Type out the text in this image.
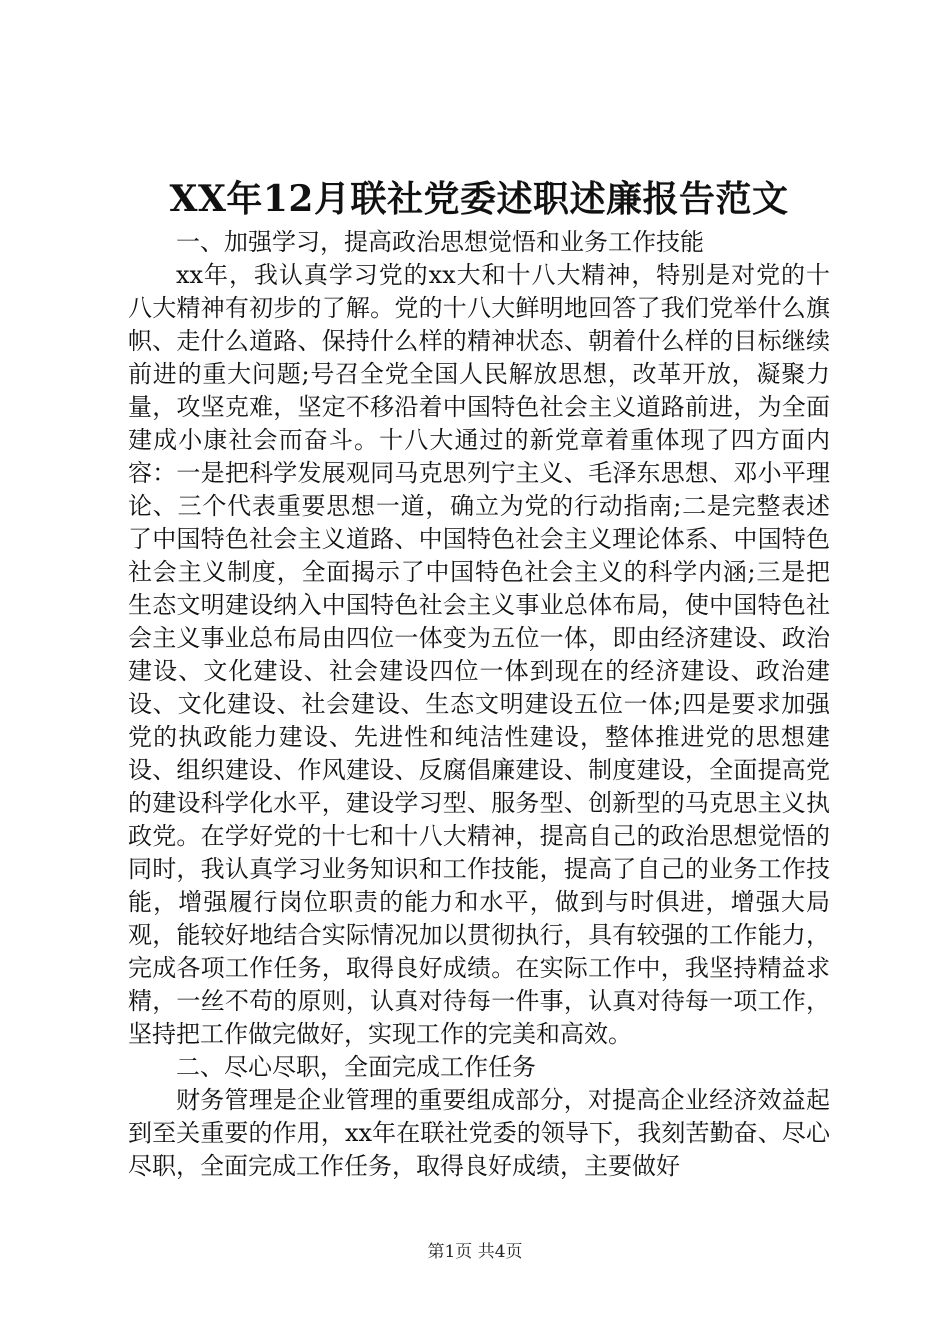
XX年12月联社党委述职述廉报告范文

一、加强学习，提高政治思想觉悟和业务工作技能

xx年，我认真学习党的xx大和十八大精神，特别是对党的十八大精神有初步的了解。党的十八大鲜明地回答了我们党举什么旗帜、走什么道路、保持什么样的精神状态、朝着什么样的目标继续前进的重大问题;号召全党全国人民解放思想，改革开放，凝聚力量，攻坚克难，坚定不移沿着中国特色社会主义道路前进，为全面建成小康社会而奋斗。十八大通过的新党章着重体现了四方面内容：一是把科学发展观同马克思列宁主义、毛泽东思想、邓小平理论、三个代表重要思想一道，确立为党的行动指南;二是完整表述了中国特色社会主义道路、中国特色社会主义理论体系、中国特色社会主义制度，全面揭示了中国特色社会主义的科学内涵;三是把生态文明建设纳入中国特色社会主义事业总体布局，使中国特色社会主义事业总布局由四位一体变为五位一体，即由经济建设、政治建设、文化建设、社会建设四位一体到现在的经济建设、政治建设、文化建设、社会建设、生态文明建设五位一体;四是要求加强党的执政能力建设、先进性和纯洁性建设，整体推进党的思想建设、组织建设、作风建设、反腐倡廉建设、制度建设，全面提高党的建设科学化水平，建设学习型、服务型、创新型的马克思主义执政党。在学好党的十七和十八大精神，提高自己的政治思想觉悟的同时，我认真学习业务知识和工作技能，提高了自己的业务工作技能，增强履行岗位职责的能力和水平，做到与时俱进，增强大局观，能较好地结合实际情况加以贯彻执行，具有较强的工作能力，完成各项工作任务，取得良好成绩。在实际工作中，我坚持精益求精，一丝不苟的原则，认真对待每一件事，认真对待每一项工作，坚持把工作做完做好，实现工作的完美和高效。

二、尽心尽职，全面完成工作任务

财务管理是企业管理的重要组成部分，对提高企业经济效益起到至关重要的作用，xx年在联社党委的领导下，我刻苦勤奋、尽心尽职，全面完成工作任务，取得良好成绩，主要做好

第1页 共4页
